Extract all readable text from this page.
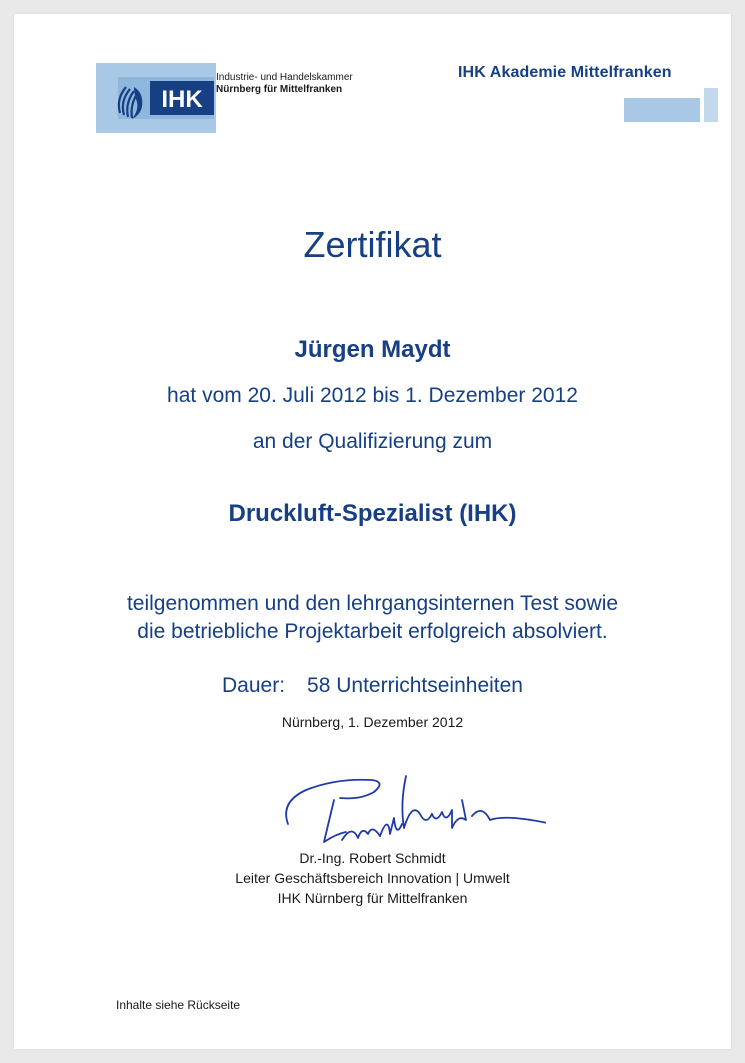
IHK
Industrie- und Handelskammer
Nürnberg für Mittelfranken
IHK Akademie Mittelfranken
Zertifikat
Jürgen Maydt
hat vom 20. Juli 2012 bis 1. Dezember 2012
an der Qualifizierung zum
Druckluft-Spezialist (IHK)
teilgenommen und den lehrgangsinternen Test sowie
die betriebliche Projektarbeit erfolgreich absolviert.
Dauer: 58 Unterrichtseinheiten
Nürnberg, 1. Dezember 2012
Dr.-Ing. Robert Schmidt
Leiter Geschäftsbereich Innovation | Umwelt
IHK Nürnberg für Mittelfranken
Inhalte siehe Rückseite
